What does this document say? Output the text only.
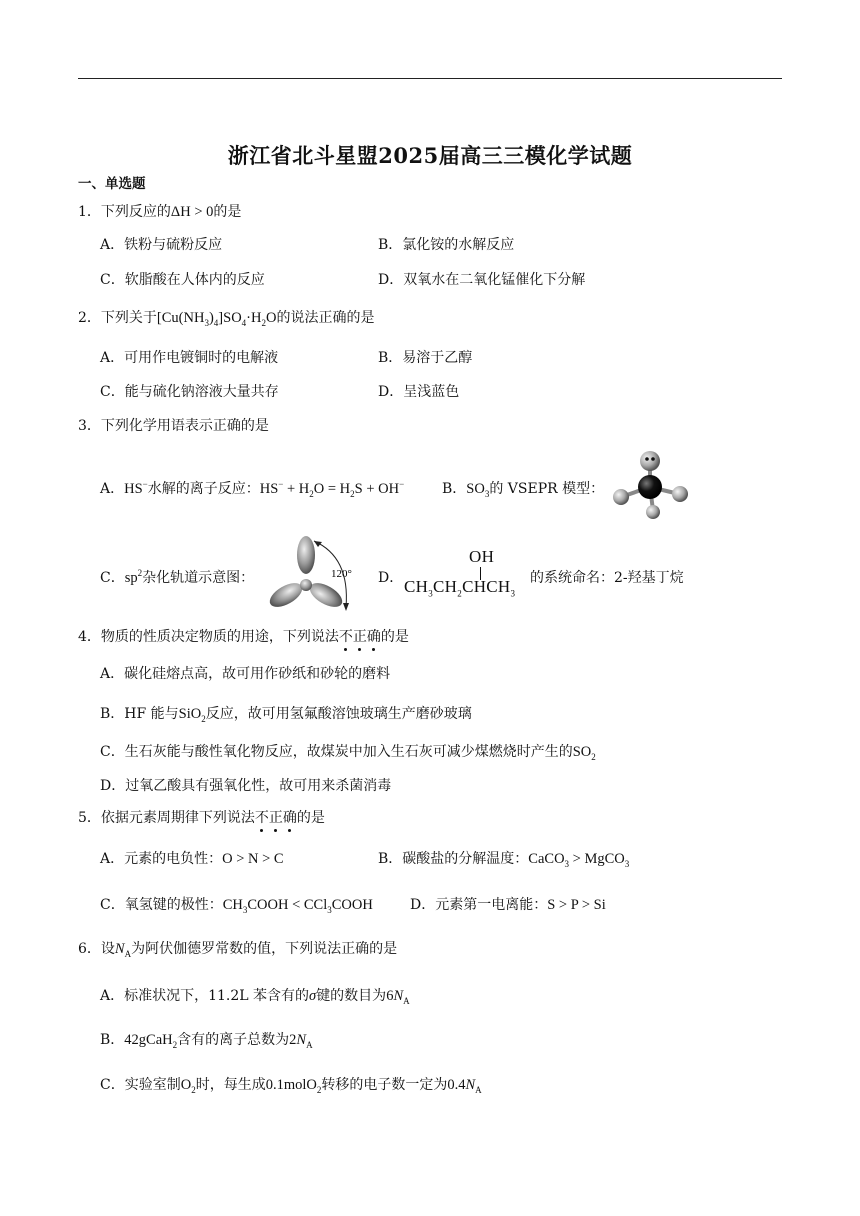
浙江省北斗星盟2025届高三三模化学试题
一、单选题
1．下列反应的ΔH > 0的是
A．铁粉与硫粉反应	B．氯化铵的水解反应
C．软脂酸在人体内的反应	D．双氧水在二氧化锰催化下分解
2．下列关于$[Cu(NH_3)_4]SO_4\cdot H_2O$的说法正确的是
A．可用作电镀铜时的电解液	B．易溶于乙醇
C．能与硫化钠溶液大量共存	D．呈浅蓝色
3．下列化学用语表示正确的是
A．HS−水解的离子反应：$HS^- + H_2O = H_2S + OH^-$	B．$SO_3$的 VSEPR 模型：
C．$sp^2$杂化轨道示意图：	120° D．
OH
$CH_3CH_2CHCH_3$
的系统命名：2-羟基丁烷
4．物质的性质决定物质的用途，下列说法不正确的是
A．碳化硅熔点高，故可用作砂纸和砂轮的磨料
B．HF 能与SiO$_2$反应，故可用氢氟酸溶蚀玻璃生产磨砂玻璃
C．生石灰能与酸性氧化物反应，故煤炭中加入生石灰可减少煤燃烧时产生的$SO_2$
D．过氧乙酸具有强氧化性，故可用来杀菌消毒
5．依据元素周期律下列说法不正确的是
A．元素的电负性：O > N > C	B．碳酸盐的分解温度：CaCO$_3$ > MgCO$_3$
C．氧氢键的极性：$CH_3COOH$ < CCl$_3$COOH	D．元素第一电离能：S > P > Si
6．设$N_A$为阿伏伽德罗常数的值，下列说法正确的是
A．标准状况下，11.2L 苯含有的σ键的数目为$6N_A$
B．42gCaH$_2$含有的离子总数为$2N_A$
C．实验室制$O_2$时，每生成0.1molO$_2$转移的电子数一定为$0.4N_A$
